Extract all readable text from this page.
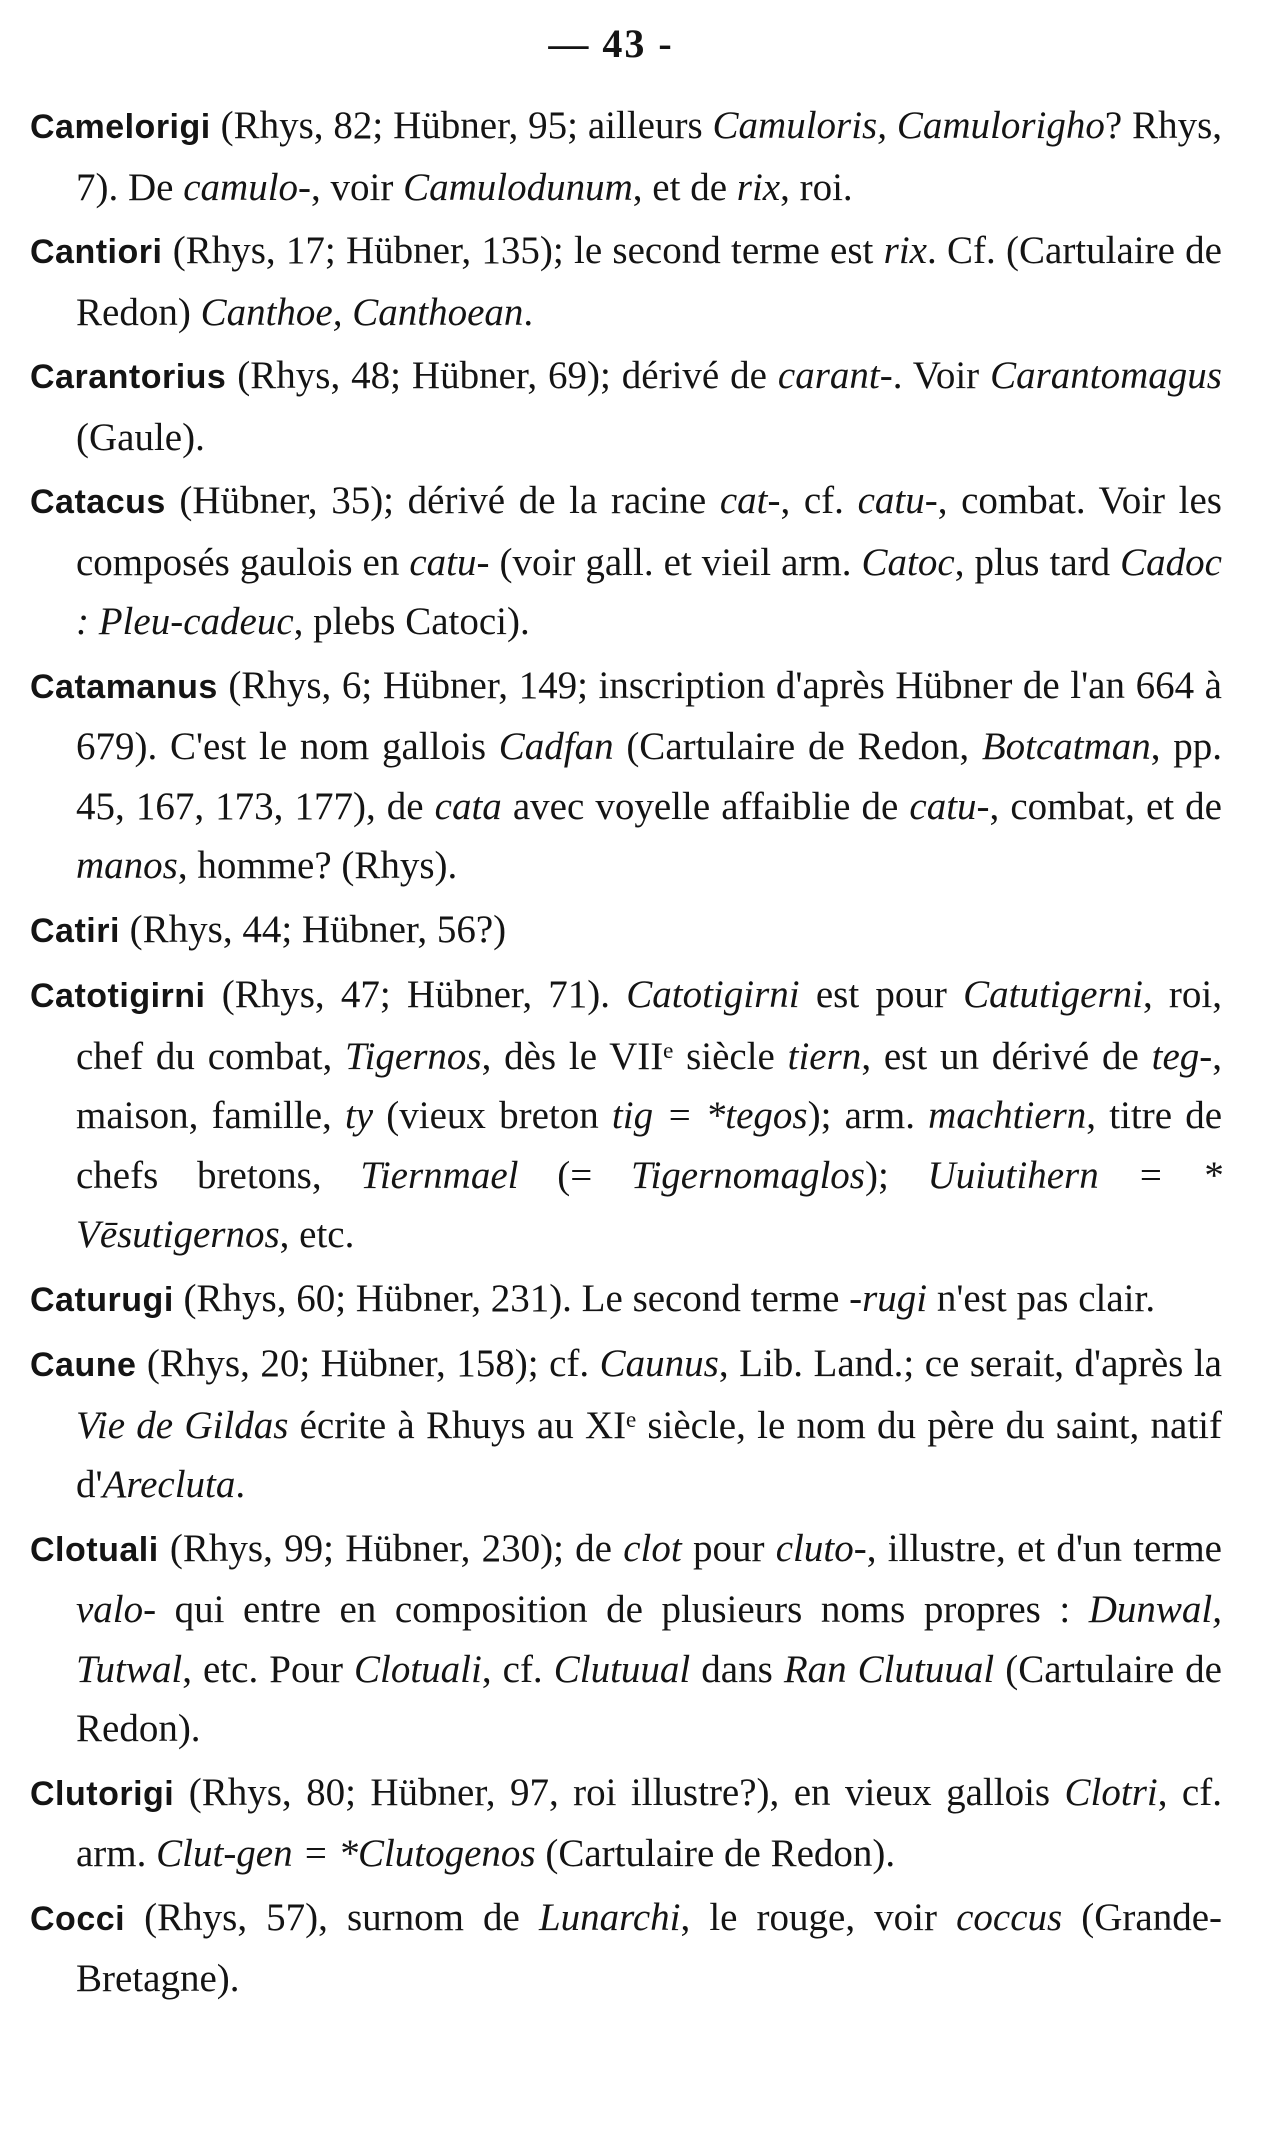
— 43 -

Camelorigi (Rhys, 82; Hübner, 95; ailleurs Camuloris, Camulorigho? Rhys, 7). De camulo-, voir Camulodunum, et de rix, roi.

Cantiori (Rhys, 17; Hübner, 135); le second terme est rix. Cf. (Cartulaire de Redon) Canthoe, Canthoean.

Carantorius (Rhys, 48; Hübner, 69); dérivé de carant-. Voir Carantomagus (Gaule).

Catacus (Hübner, 35); dérivé de la racine cat-, cf. catu-, combat. Voir les composés gaulois en catu- (voir gall. et vieil arm. Catoc, plus tard Cadoc : Pleu-cadeuc, plebs Catoci).

Catamanus (Rhys, 6; Hübner, 149; inscription d'après Hübner de l'an 664 à 679). C'est le nom gallois Cadfan (Cartulaire de Redon, Botcatman, pp. 45, 167, 173, 177), de cata avec voyelle affaiblie de catu-, combat, et de manos, homme? (Rhys).

Catiri (Rhys, 44; Hübner, 56?)

Catotigirni (Rhys, 47; Hübner, 71). Catotigirni est pour Catutigerni, roi, chef du combat, Tigernos, dès le VIIᵉ siècle tiern, est un dérivé de teg-, maison, famille, ty (vieux breton tig = *tegos); arm. machtiern, titre de chefs bretons, Tiernmael (= Tigernomaglos); Uuiutihern = * Vēsutigernos, etc.

Caturugi (Rhys, 60; Hübner, 231). Le second terme -rugi n'est pas clair.

Caune (Rhys, 20; Hübner, 158); cf. Caunus, Lib. Land.; ce serait, d'après la Vie de Gildas écrite à Rhuys au XIᵉ siècle, le nom du père du saint, natif d'Arecluta.

Clotuali (Rhys, 99; Hübner, 230); de clot pour cluto-, illustre, et d'un terme valo- qui entre en composition de plusieurs noms propres : Dunwal, Tutwal, etc. Pour Clotuali, cf. Clutuual dans Ran Clutuual (Cartulaire de Redon).

Clutorigi (Rhys, 80; Hübner, 97, roi illustre?), en vieux gallois Clotri, cf. arm. Clut-gen = *Clutogenos (Cartulaire de Redon).

Cocci (Rhys, 57), surnom de Lunarchi, le rouge, voir coccus (Grande-Bretagne).
